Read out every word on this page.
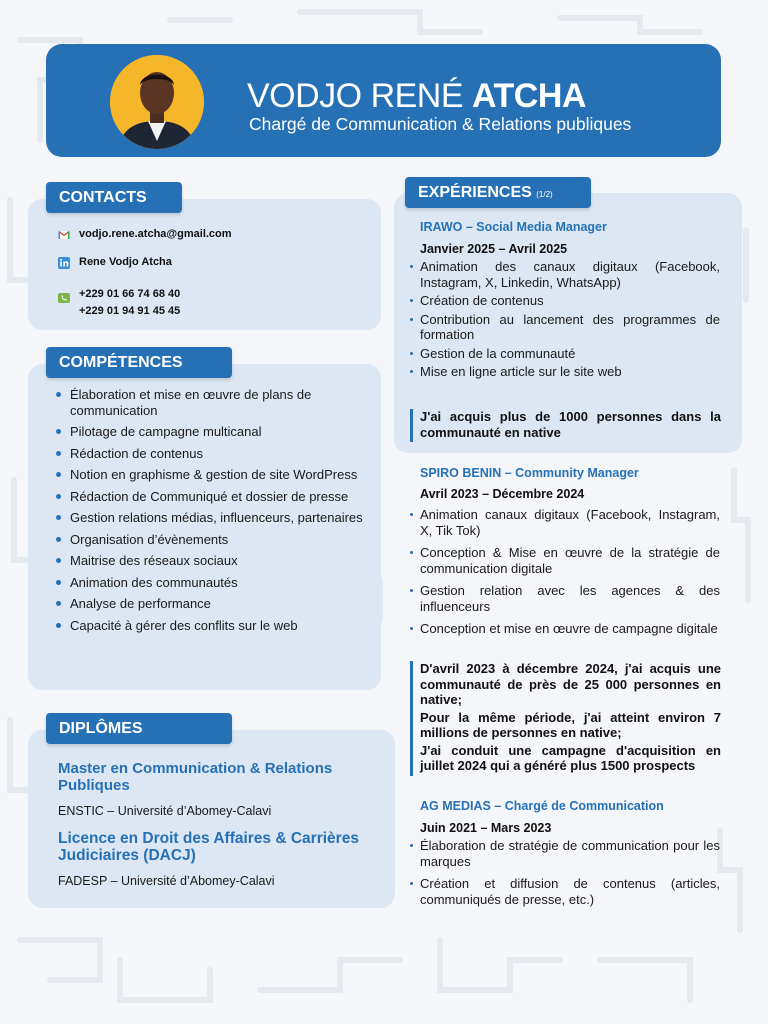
VODJO RENÉ ATCHA
Chargé de Communication & Relations publiques
CONTACTS
vodjo.rene.atcha@gmail.com
Rene Vodjo Atcha
+229 01 66 74 68 40
+229 01 94 91 45 45
COMPÉTENCES
Élaboration et mise en œuvre de plans de communication
Pilotage de campagne multicanal
Rédaction de contenus
Notion en graphisme & gestion de site WordPress
Rédaction de Communiqué et dossier de presse
Gestion relations médias, influenceurs, partenaires
Organisation d’évènements
Maitrise des réseaux sociaux
Animation des communautés
Analyse de performance
Capacité à gérer des conflits sur le web
DIPLÔMES
Master en Communication & Relations Publiques
ENSTIC – Université d’Abomey-Calavi
Licence en Droit des Affaires & Carrières Judiciaires (DACJ)
FADESP – Université d’Abomey-Calavi
EXPÉRIENCES (1/2)
IRAWO – Social Media Manager
Janvier 2025 – Avril 2025
Animation des canaux digitaux (Facebook, Instagram, X, Linkedin, WhatsApp)
Création de contenus
Contribution au lancement des programmes de formation
Gestion de la communauté
Mise en ligne article sur le site web

J'ai acquis plus de 1000 personnes dans la communauté en native

SPIRO BENIN – Community Manager
Avril 2023 – Décembre 2024
Animation canaux digitaux (Facebook, Instagram, X, Tik Tok)
Conception & Mise en œuvre de la stratégie de communication digitale
Gestion relation avec les agences & des influenceurs
Conception et mise en œuvre de campagne digitale

D'avril 2023 à décembre 2024, j'ai acquis une communauté de près de 25 000 personnes en native;

Pour la même période, j'ai atteint environ 7 millions de personnes en native;

J'ai conduit une campagne d'acquisition en juillet 2024 qui a généré plus 1500 prospects

AG MEDIAS – Chargé de Communication
Juin 2021 – Mars 2023
Élaboration de stratégie de communication pour les marques
Création et diffusion de contenus (articles, communiqués de presse, etc.)
